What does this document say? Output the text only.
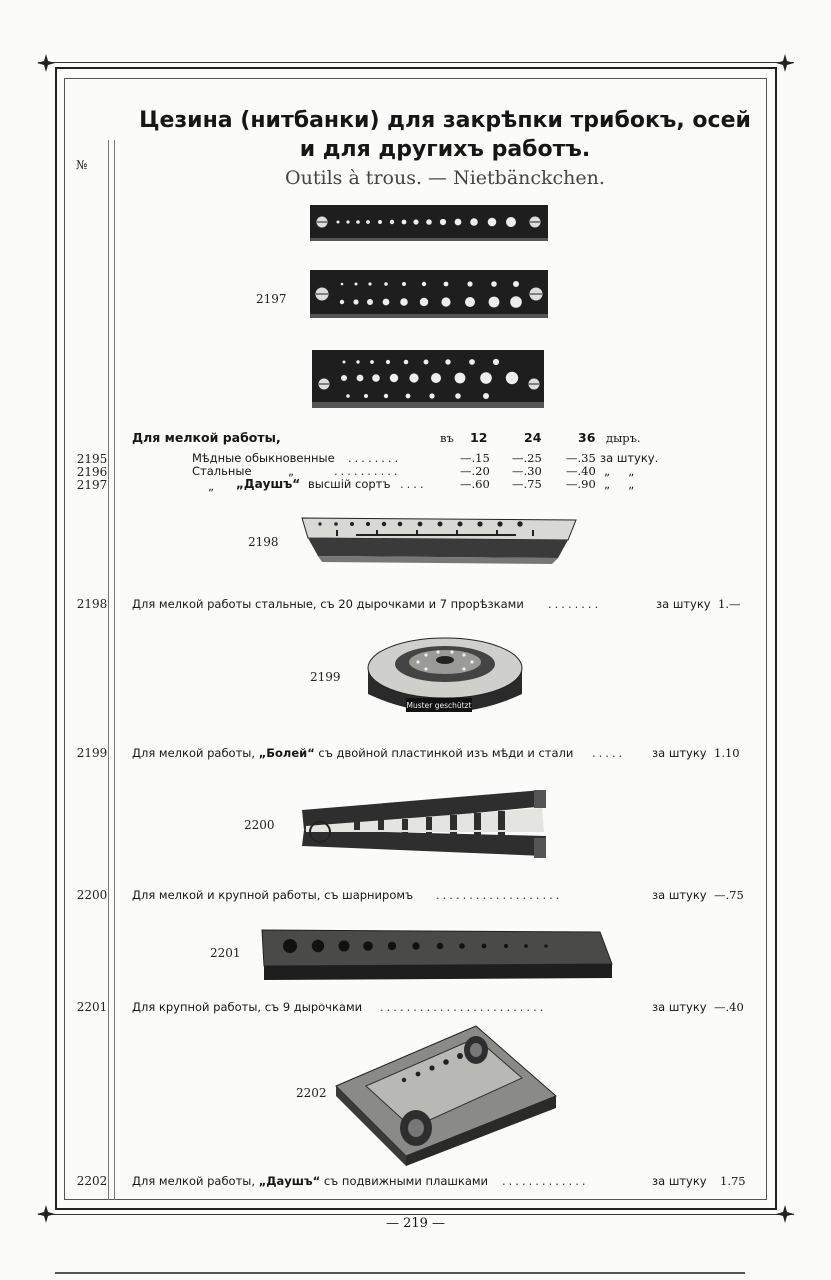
Цезина (нитбанки) для закрѣпки трибокъ, осей
и для другихъ работъ.
Outils à trous. — Nietbänckchen.
№
2197
Для мелкой работы,	въ 12	24	36 дыръ.
2195	Мѣдные обыкновенные ........	—.15 —.25 —.35 за штуку.
2196	Стальные	„	..........	—.20 —.30 —.40 „     „
2197	„ „Даушъ“ высшій сортъ ....	—.60 —.75 —.90 „     „
2198
2198	Для мелкой работы стальные, съ 20 дырочками и 7 прорѣзками ........	за штуку 1.—
Muster geschützt
2199
2199	Для мелкой работы, „Болей“ съ двойной пластинкой изъ мѣди и стали ..... за штуку 1.10
2200
2200	Для мелкой и крупной работы, съ шарниромъ ...................	за штуку —.75
2201
2201	Для крупной работы, съ 9 дырочками .........................	за штуку —.40
2202
2202	Для мелкой работы, „Даушъ“ съ подвижными плашками .............	за штуку 1.75
— 219 —
